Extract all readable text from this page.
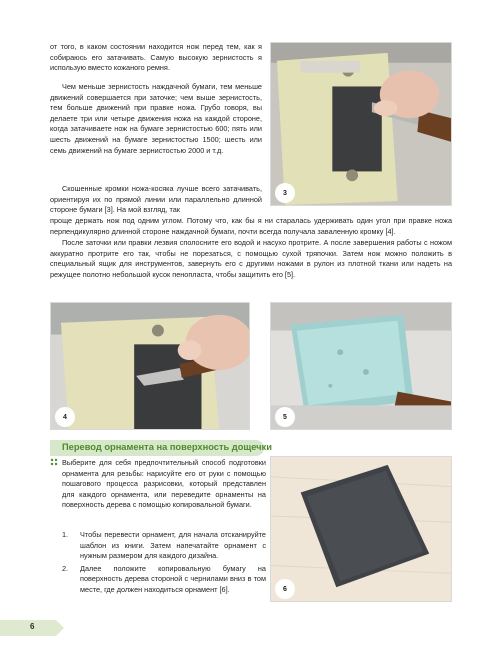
от того, в каком состоянии находится нож перед тем, как я собираюсь его затачивать. Самую высокую зернистость я использую вместо кожаного ремня.

Чем меньше зернистость наждачной бумаги, тем меньше движений совершается при заточке; чем выше зернистость, тем больше движений при правке ножа. Грубо говоря, вы делаете три или четыре движения ножа на каждой стороне, когда затачиваете нож на бумаге зернистостью 600; пять или шесть движений на бумаге зернистостью 1500; шесть или семь движений на бумаге зернистостью 2000 и т.д.

Скошенные кромки ножа-косяка лучше всего затачивать, ориентируя их по прямой линии или параллельно длинной стороне бумаги [3]. На мой взгляд, так

3

проще держать нож под одним углом. Потому что, как бы я ни старалась удерживать один угол при правке ножа перпендикулярно длинной стороне наждачной бумаги, почти всегда получала заваленную кромку [4].

После заточки или правки лезвия сполосните его водой и насухо протрите. А после завершения работы с ножом аккуратно протрите его так, чтобы не порезаться, с помощью сухой тряпочки. Затем нож можно положить в специальный ящик для инструментов, завернуть его с другими ножами в рулон из плотной ткани или надеть на режущее полотно небольшой кусок пенопласта, чтобы защитить его [5].

4	5
Перевод орнамента на поверхность дощечки

Выберите для себя предпочтительный способ подготовки орнамента для резьбы: нарисуйте его от руки с помощью пошагового процесса разрисовки, который представлен для каждого орнамента, или переведите орнаменты на поверхность дерева с помощью копировальной бумаги.

1. Чтобы перевести орнамент, для начала отсканируйте шаблон из книги. Затем напечатайте орнамент с нужным размером для каждого дизайна.
2. Далее положите копировальную бумагу на поверхность дерева стороной с чернилами вниз в том месте, где должен находиться орнамент [6].	6
6
